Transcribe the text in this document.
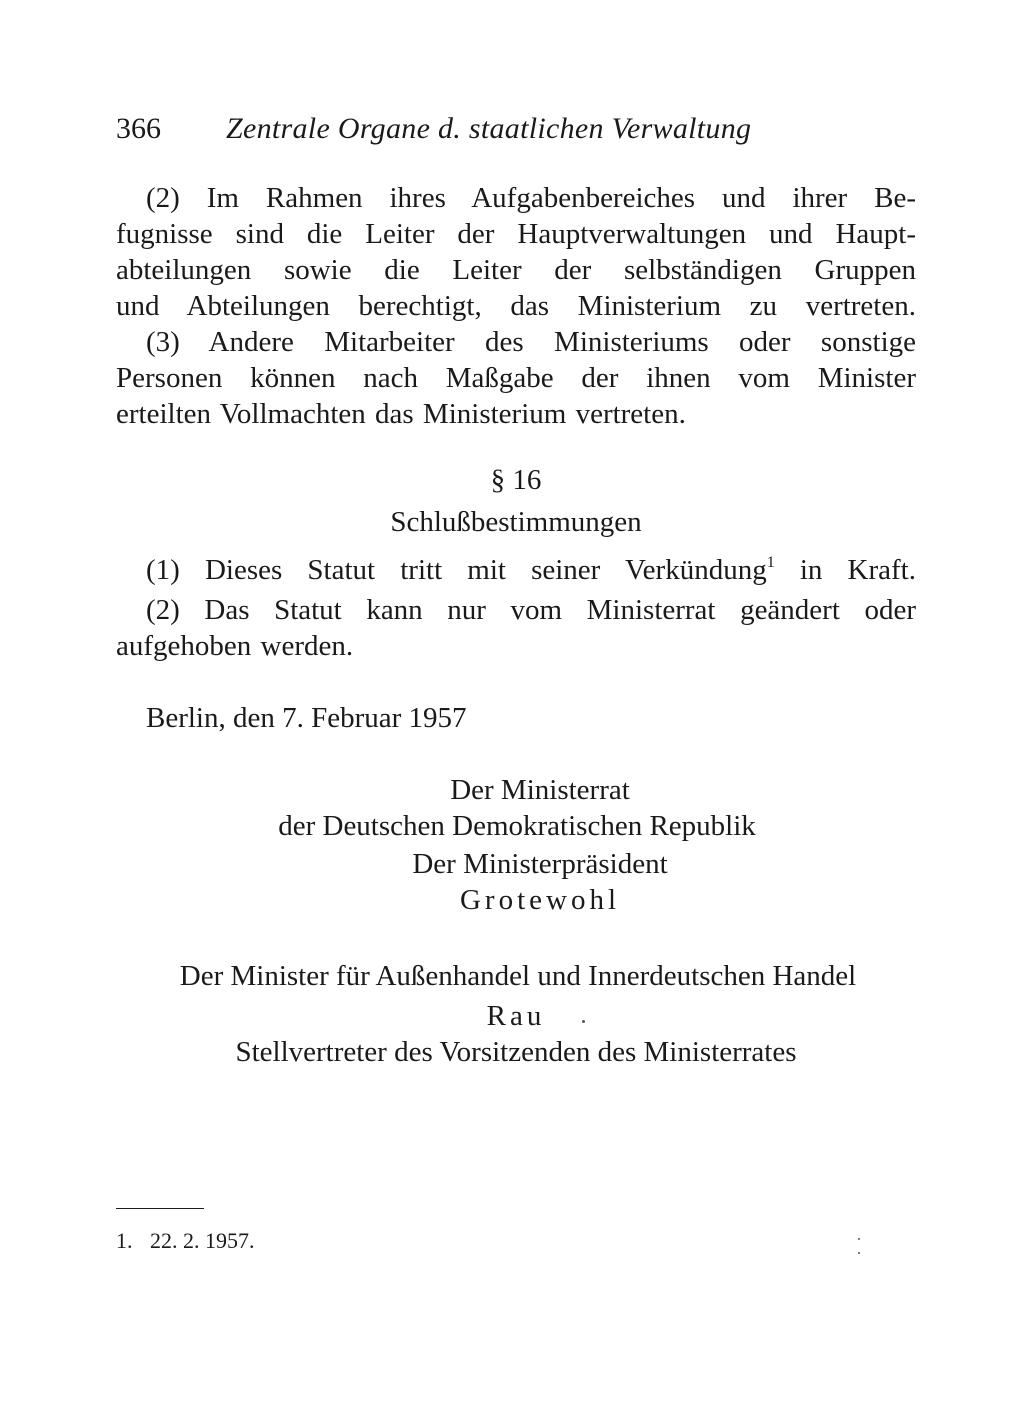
366 Zentrale Organe d. staatlichen Verwaltung

(2) Im Rahmen ihres Aufgabenbereiches und ihrer Be-
fugnisse sind die Leiter der Hauptverwaltungen und Haupt-
abteilungen sowie die Leiter der selbständigen Gruppen
und Abteilungen berechtigt, das Ministerium zu vertreten.

(3) Andere Mitarbeiter des Ministeriums oder sonstige
Personen können nach Maßgabe der ihnen vom Minister
erteilten Vollmachten das Ministerium vertreten.

§ 16
Schlußbestimmungen

(1) Dieses Statut tritt mit seiner Verkündung$^1$ in Kraft.

(2) Das Statut kann nur vom Ministerrat geändert oder
aufgehoben werden.

Berlin, den 7. Februar 1957
Der Ministerrat
der Deutschen Demokratischen Republik
Der Ministerpräsident
Grotewohl
Der Minister für Außenhandel und Innerdeutschen Handel
Rau
Stellvertreter des Vorsitzenden des Ministerrates
1. 22. 2. 1957.
